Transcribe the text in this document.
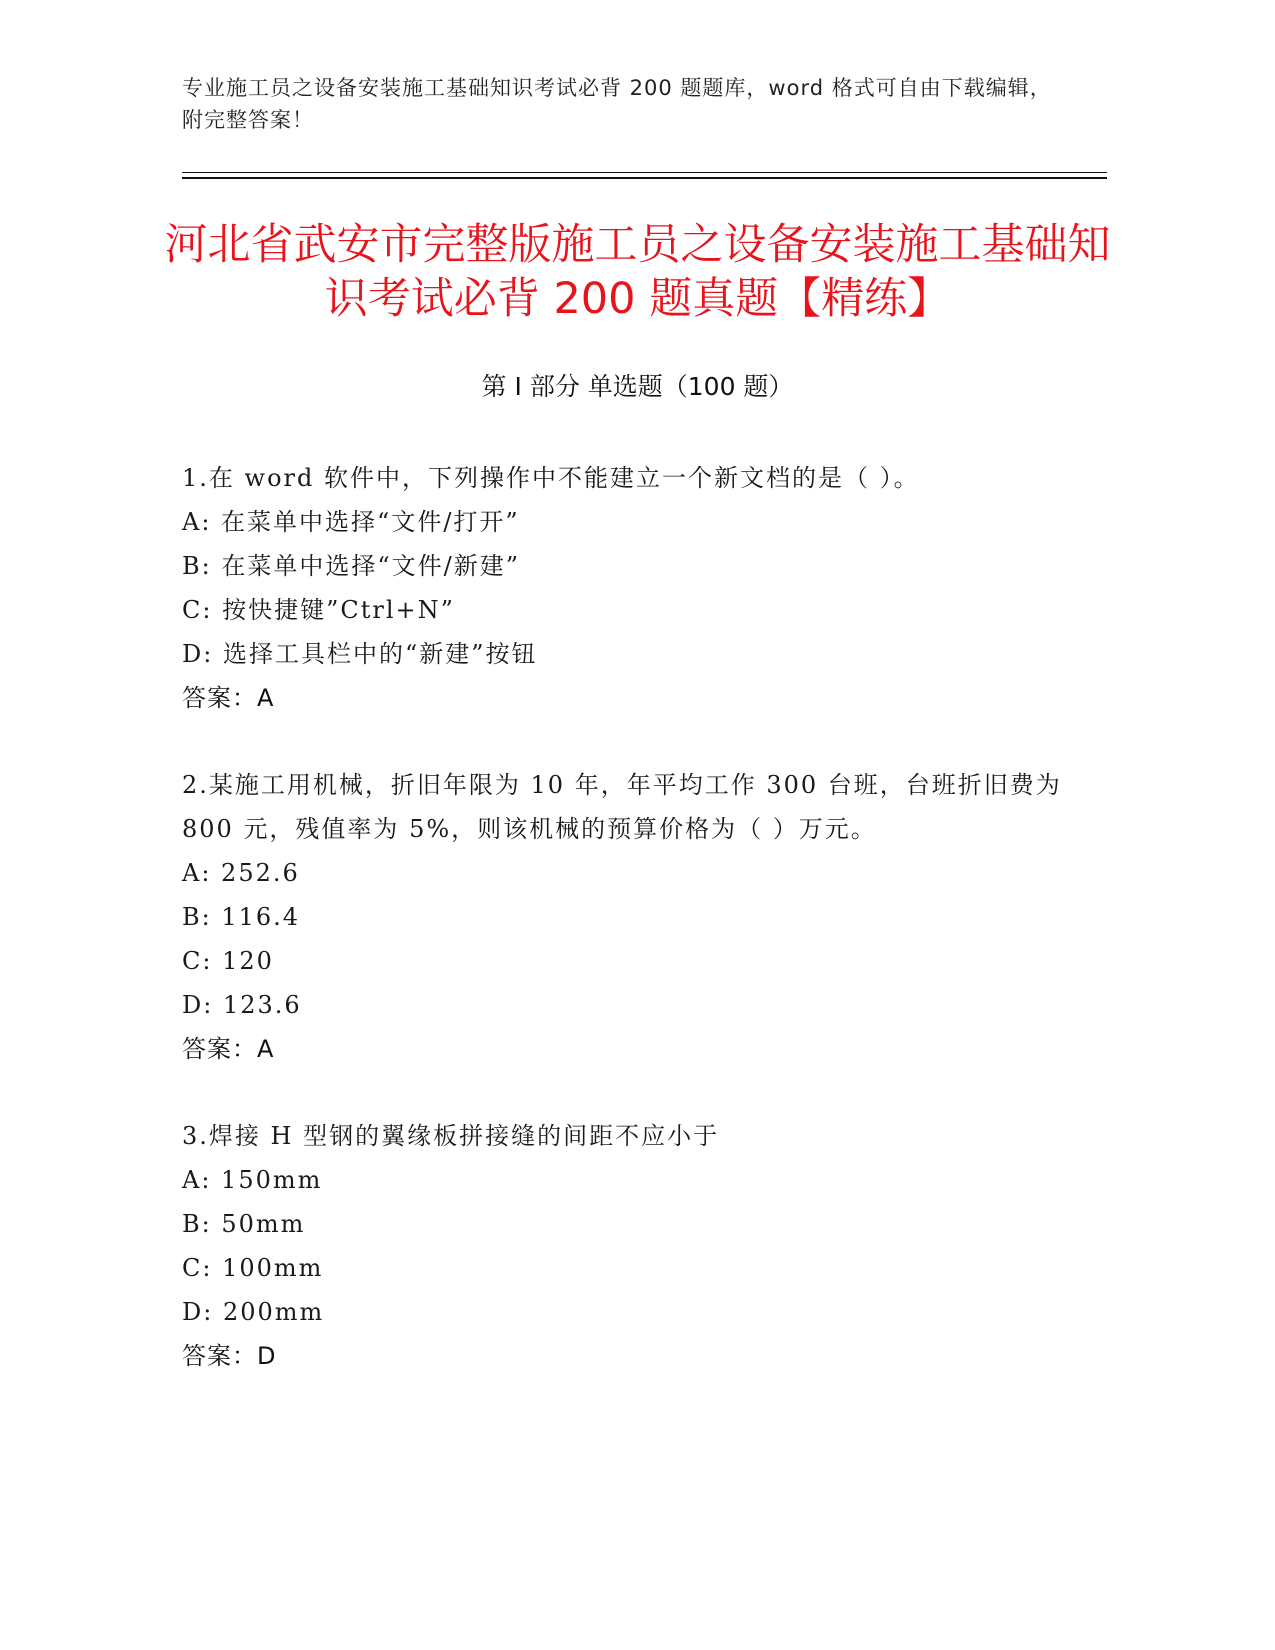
专业施工员之设备安装施工基础知识考试必背 200 题题库，word 格式可自由下载编辑，附完整答案！
河北省武安市完整版施工员之设备安装施工基础知识考试必背 200 题真题【精练】
第 I 部分 单选题（100 题）
1.在 word 软件中，下列操作中不能建立一个新文档的是（ ）。
A: 在菜单中选择“文件/打开”
B: 在菜单中选择“文件/新建”
C: 按快捷键”Ctrl+N”
D: 选择工具栏中的“新建”按钮
答案：A
2.某施工用机械，折旧年限为 10 年，年平均工作 300 台班，台班折旧费为 800 元，残值率为 5%，则该机械的预算价格为（ ）万元。
A: 252.6
B: 116.4
C: 120
D: 123.6
答案：A
3.焊接 H 型钢的翼缘板拼接缝的间距不应小于
A: 150mm
B: 50mm
C: 100mm
D: 200mm
答案：D
